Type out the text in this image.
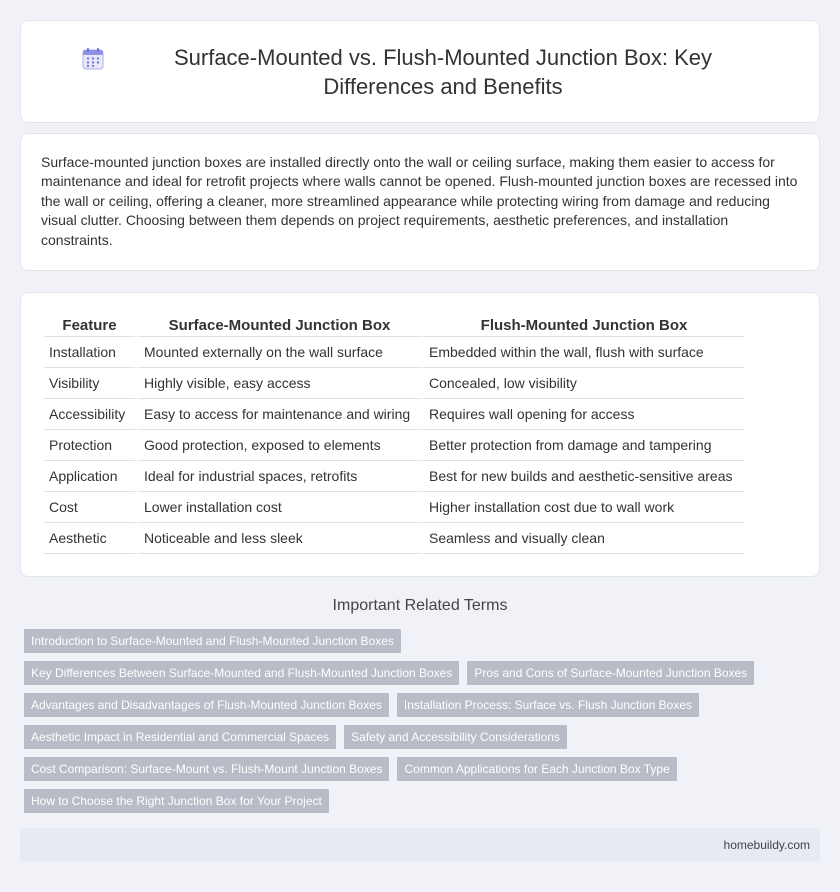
Surface-Mounted vs. Flush-Mounted Junction Box: Key Differences and Benefits

Surface-mounted junction boxes are installed directly onto the wall or ceiling surface, making them easier to access for maintenance and ideal for retrofit projects where walls cannot be opened. Flush-mounted junction boxes are recessed into the wall or ceiling, offering a cleaner, more streamlined appearance while protecting wiring from damage and reducing visual clutter. Choosing between them depends on project requirements, aesthetic preferences, and installation constraints.

Feature	Surface-Mounted Junction Box	Flush-Mounted Junction Box
Installation	Mounted externally on the wall surface	Embedded within the wall, flush with surface
Visibility	Highly visible, easy access	Concealed, low visibility
Accessibility	Easy to access for maintenance and wiring	Requires wall opening for access
Protection	Good protection, exposed to elements	Better protection from damage and tampering
Application	Ideal for industrial spaces, retrofits	Best for new builds and aesthetic-sensitive areas
Cost	Lower installation cost	Higher installation cost due to wall work
Aesthetic	Noticeable and less sleek	Seamless and visually clean
Important Related Terms
Introduction to Surface-Mounted and Flush-Mounted Junction Boxes
Key Differences Between Surface-Mounted and Flush-Mounted Junction Boxes	Pros and Cons of Surface-Mounted Junction Boxes
Advantages and Disadvantages of Flush-Mounted Junction Boxes	Installation Process: Surface vs. Flush Junction Boxes
Aesthetic Impact in Residential and Commercial Spaces	Safety and Accessibility Considerations
Cost Comparison: Surface-Mount vs. Flush-Mount Junction Boxes	Common Applications for Each Junction Box Type
How to Choose the Right Junction Box for Your Project
homebuildy.com
